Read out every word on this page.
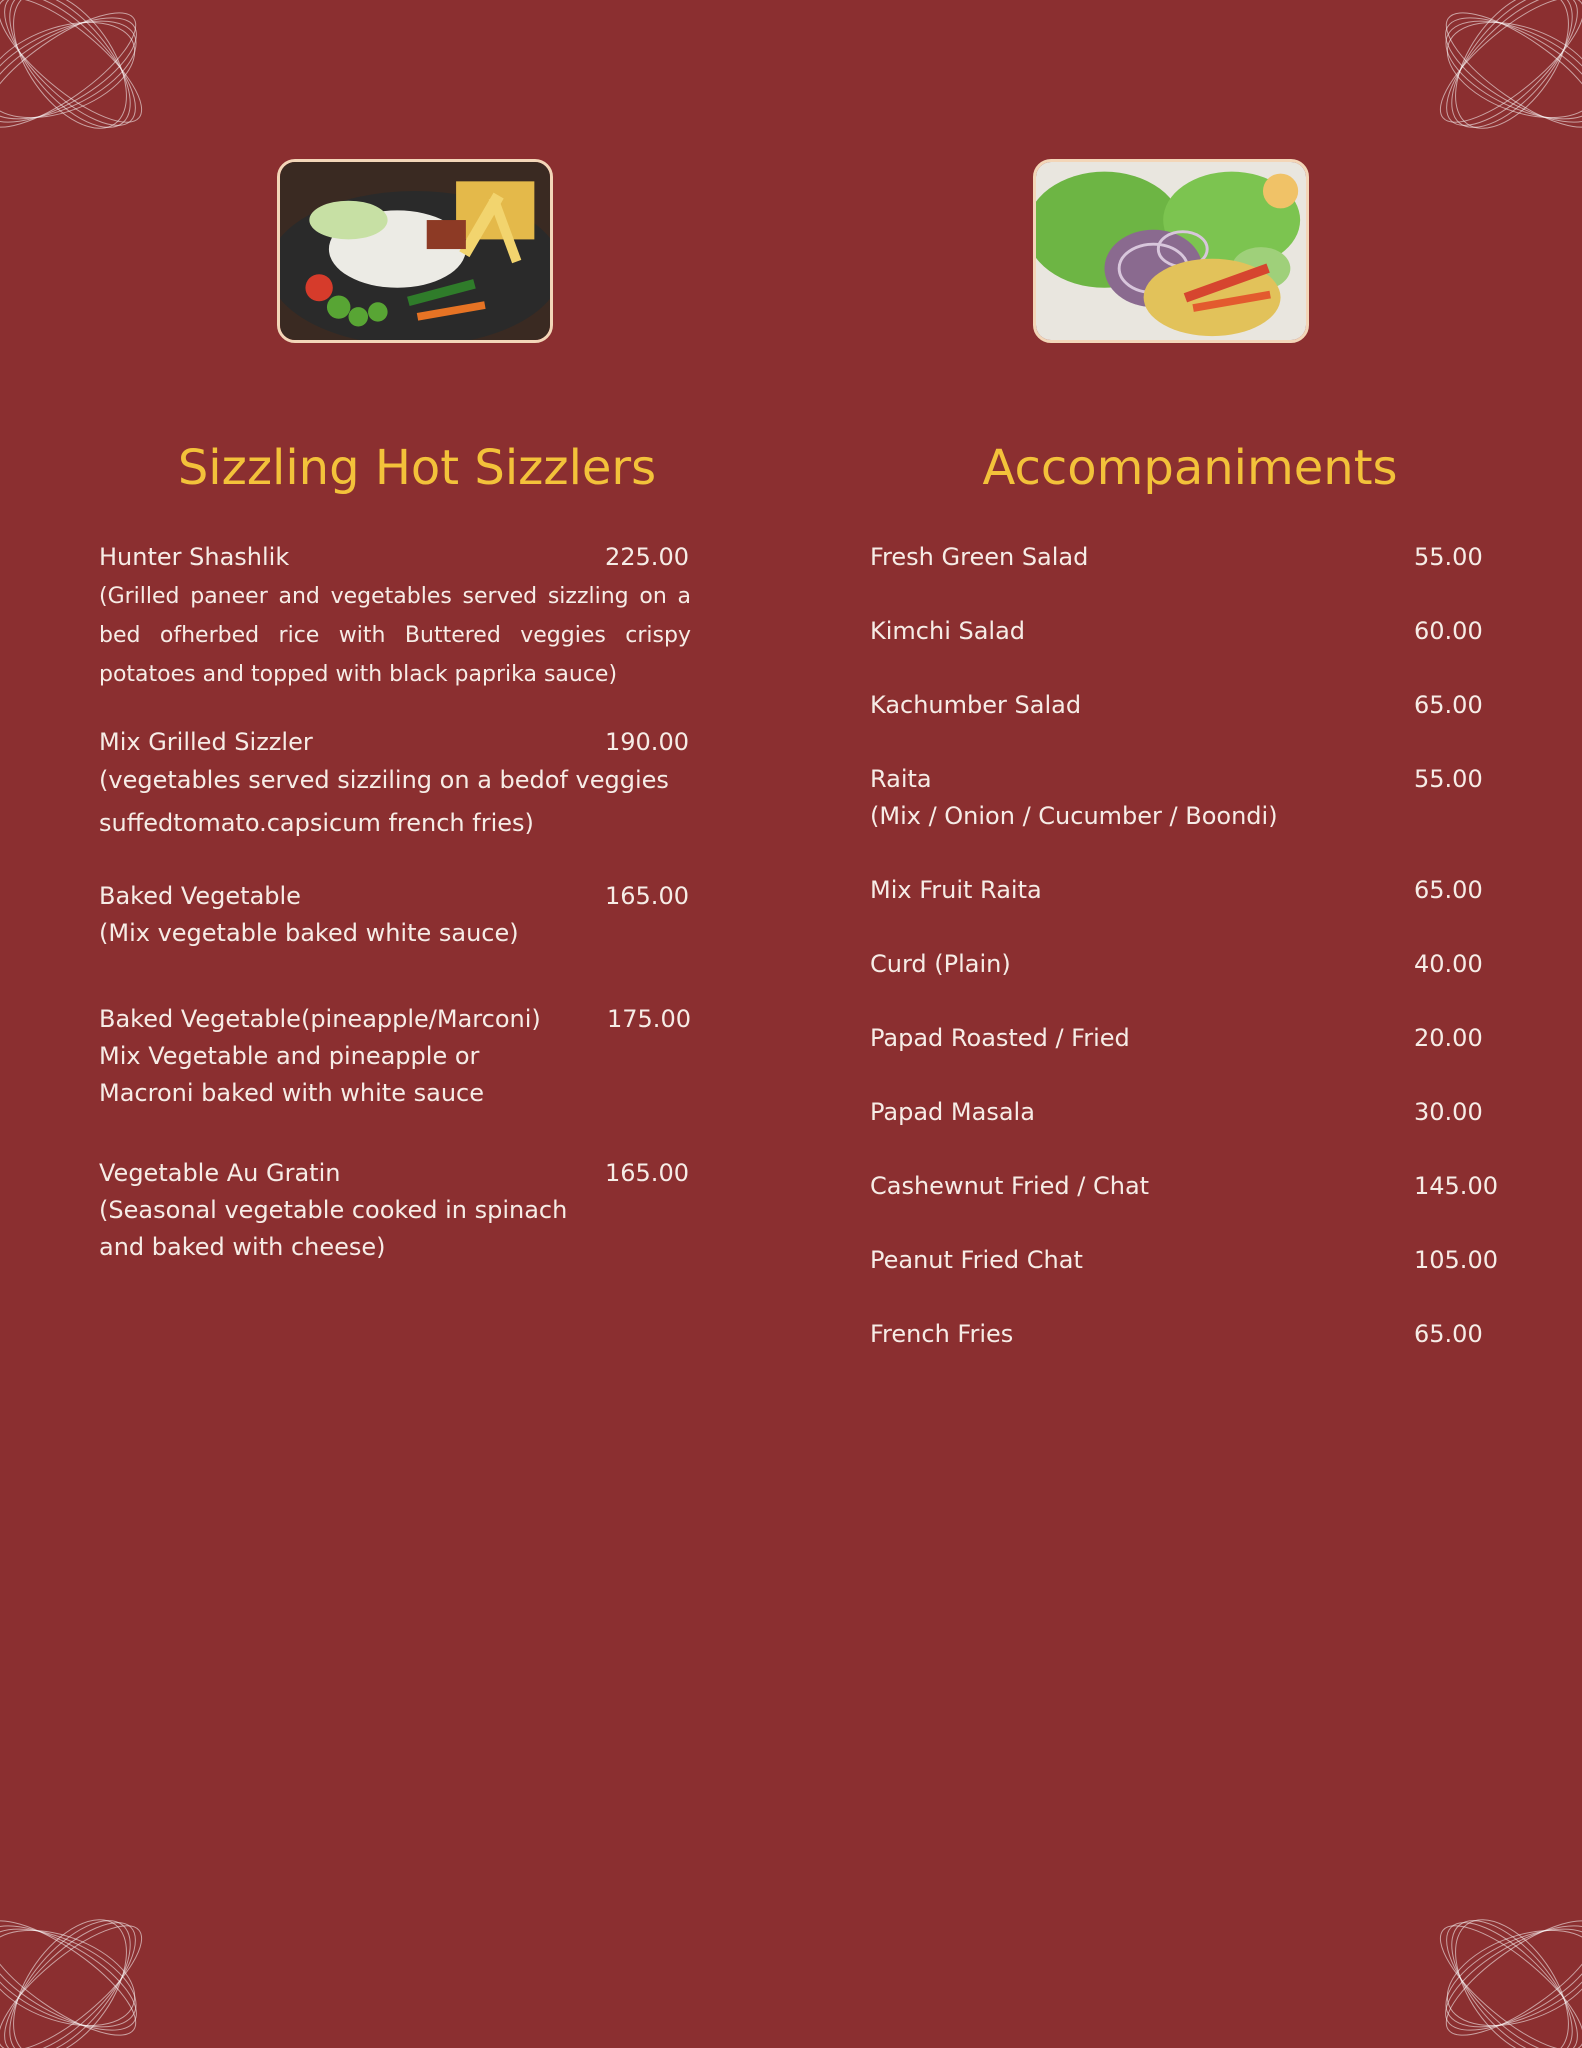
Sizzling Hot Sizzlers
Hunter Shashlik	225.00
(Grilled paneer and vegetables served sizzling on a bed ofherbed rice with Buttered veggies crispy potatoes and topped with black paprika sauce)
Mix Grilled Sizzler	190.00
(vegetables served sizziling on a bedof veggies
suffedtomato.capsicum french fries)
Baked Vegetable	165.00
(Mix vegetable baked white sauce)
Baked Vegetable(pineapple/Marconi)	175.00
Mix Vegetable and pineapple or
Macroni baked with white sauce
Vegetable Au Gratin	165.00
(Seasonal vegetable cooked in spinach
and baked with cheese)
Accompaniments
Fresh Green Salad	55.00
Kimchi Salad	60.00
Kachumber Salad	65.00
Raita	55.00
(Mix / Onion / Cucumber / Boondi)
Mix Fruit Raita	65.00
Curd (Plain)	40.00
Papad Roasted / Fried	20.00
Papad Masala	30.00
Cashewnut Fried / Chat	145.00
Peanut Fried Chat	105.00
French Fries	65.00
